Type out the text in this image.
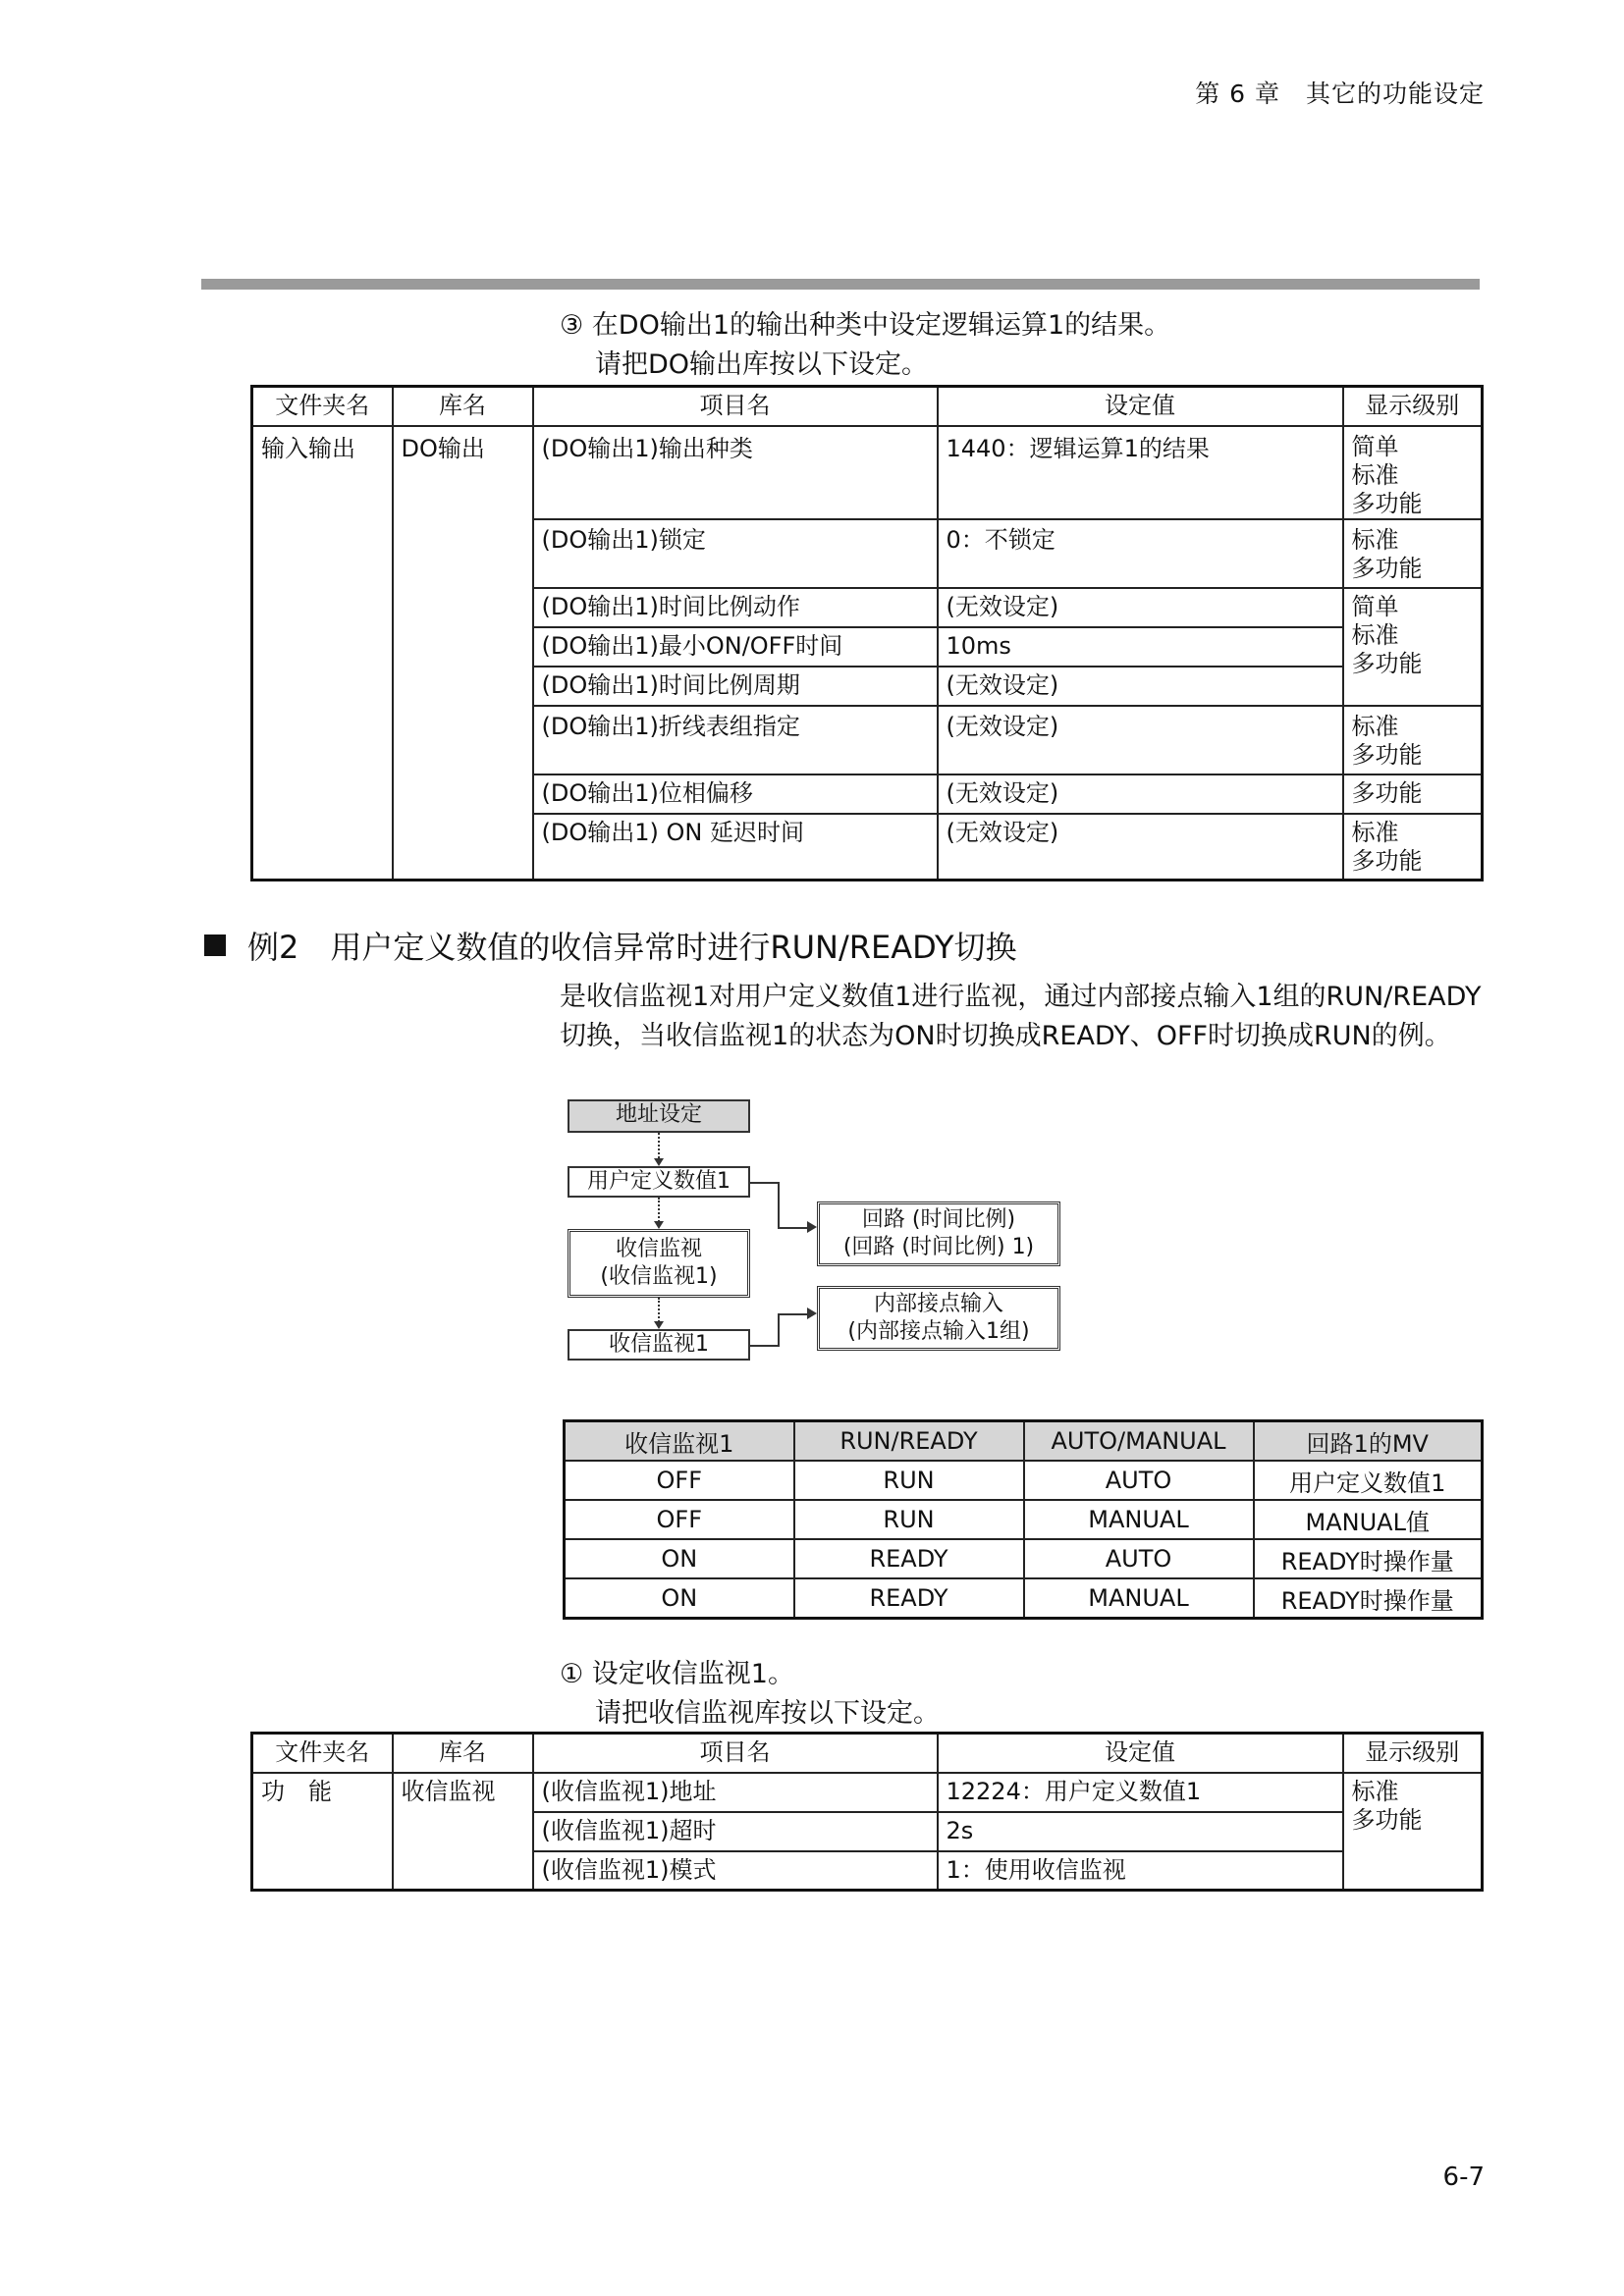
第 6 章　其它的功能设定
③ 在DO输出1的输出种类中设定逻辑运算1的结果。
请把DO输出库按以下设定。
文件夹名	库名	项目名	设定值	显示级别
输入输出	DO输出	(DO输出1)输出种类	1440：逻辑运算1的结果	简单
标准
多功能
		(DO输出1)锁定	0：不锁定	标准
多功能
		(DO输出1)时间比例动作	(无效设定)	简单
标准
多功能
		(DO输出1)最小ON/OFF时间	10ms	
		(DO输出1)时间比例周期	(无效设定)	
		(DO输出1)折线表组指定	(无效设定)	标准
多功能
		(DO输出1)位相偏移	(无效设定)	多功能
		(DO输出1) ON 延迟时间	(无效设定)	标准
多功能
例2　用户定义数值的收信异常时进行RUN/READY切换
是收信监视1对用户定义数值1进行监视，通过内部接点输入1组的RUN/READY切换，当收信监视1的状态为ON时切换成READY、OFF时切换成RUN的例。
地址设定
用户定义数值1
收信监视
(收信监视1)
收信监视1
回路 (时间比例)
(回路 (时间比例) 1)
内部接点输入
(内部接点输入1组)
收信监视1	RUN/READY	AUTO/MANUAL	回路1的MV
OFF	RUN	AUTO	用户定义数值1
OFF	RUN	MANUAL	MANUAL值
ON	READY	AUTO	READY时操作量
ON	READY	MANUAL	READY时操作量
① 设定收信监视1。
请把收信监视库按以下设定。
文件夹名	库名	项目名	设定值	显示级别
功　能	收信监视	(收信监视1)地址	12224：用户定义数值1	标准
多功能
		(收信监视1)超时	2s	
		(收信监视1)模式	1：使用收信监视	
6-7
